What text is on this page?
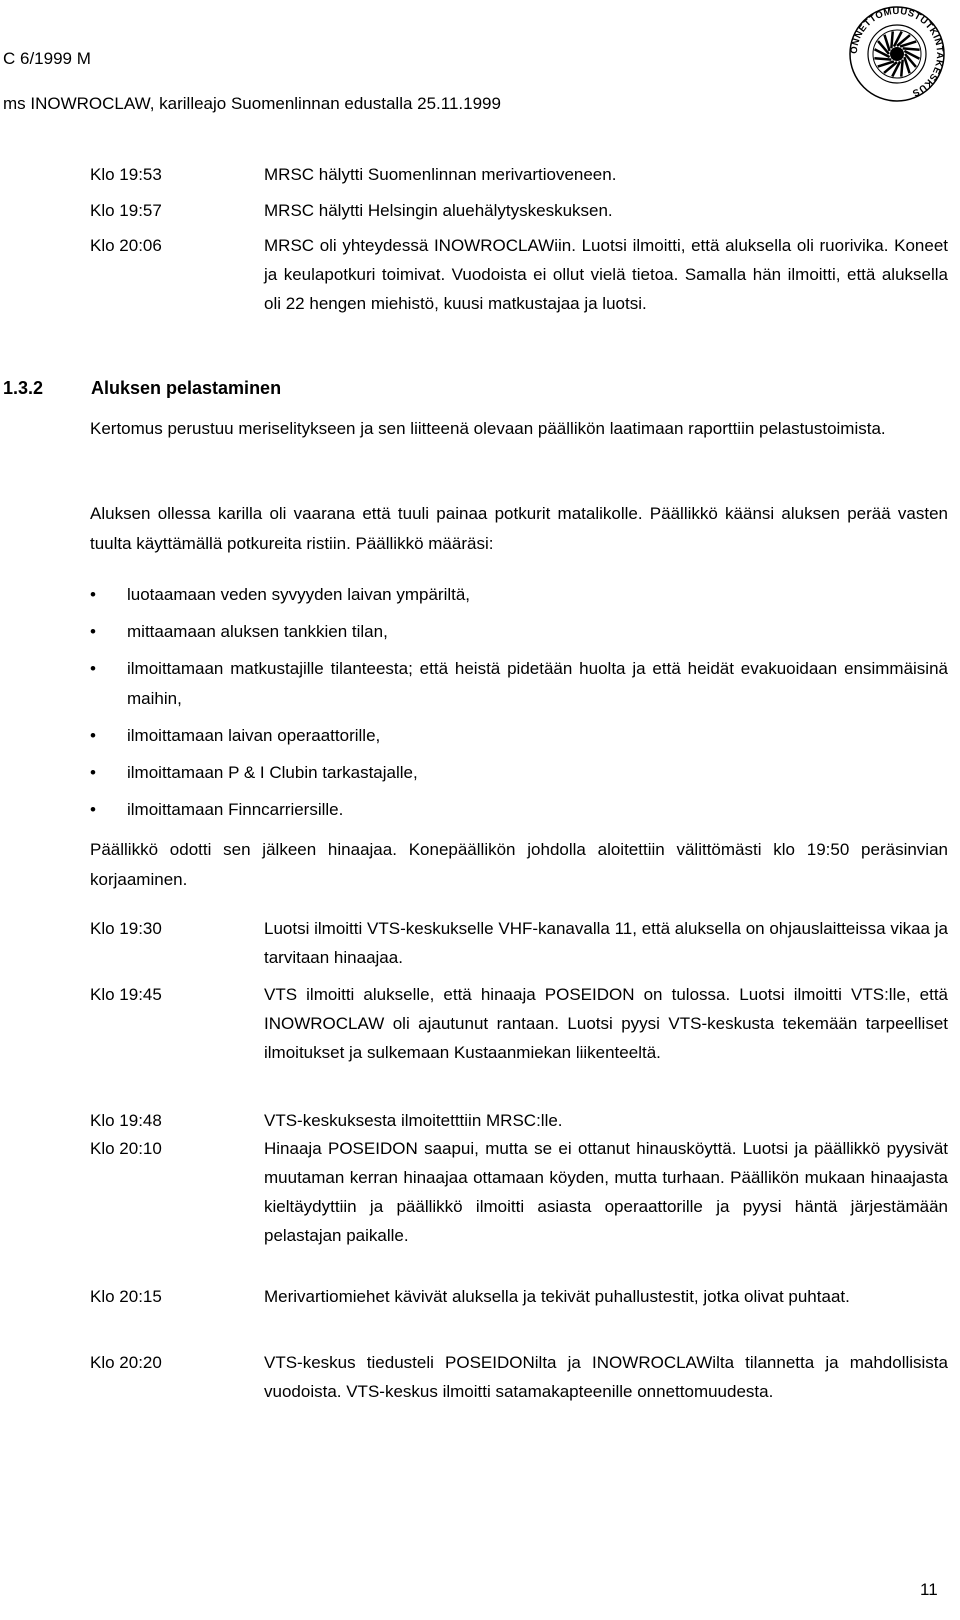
C 6/1999 M
ms INOWROCLAW, karilleajo Suomenlinnan edustalla 25.11.1999
ONNETTOMUUSTUTKINTAKESKUS
Klo 19:53	MRSC hälytti Suomenlinnan merivartioveneen.
Klo 19:57	MRSC hälytti Helsingin aluehälytyskeskuksen.
Klo 20:06	MRSC oli yhteydessä INOWROCLAWiin. Luotsi ilmoitti, että aluksella oli ruorivika. Koneet ja keulapotkuri toimivat. Vuodoista ei ollut vielä tietoa. Samalla hän ilmoitti, että aluksella oli 22 hengen miehistö, kuusi matkustajaa ja luotsi.
1.3.2	Aluksen pelastaminen
Kertomus perustuu meriselitykseen ja sen liitteenä olevaan päällikön laatimaan raporttiin pelastustoimista.
Aluksen ollessa karilla oli vaarana että tuuli painaa potkurit matalikolle. Päällikkö käänsi aluksen perää vasten tuulta käyttämällä potkureita ristiin. Päällikkö määräsi:
• luotaamaan veden syvyyden laivan ympäriltä,
• mittaamaan aluksen tankkien tilan,
• ilmoittamaan matkustajille tilanteesta; että heistä pidetään huolta ja että heidät evakuoidaan ensimmäisinä maihin,
• ilmoittamaan laivan operaattorille,
• ilmoittamaan P & I Clubin tarkastajalle,
• ilmoittamaan Finncarriersille.
Päällikkö odotti sen jälkeen hinaajaa. Konepäällikön johdolla aloitettiin välittömästi klo 19:50 peräsinvian korjaaminen.
Klo 19:30	Luotsi ilmoitti VTS-keskukselle VHF-kanavalla 11, että aluksella on ohjauslaitteissa vikaa ja tarvitaan hinaajaa.
Klo 19:45	VTS ilmoitti alukselle, että hinaaja POSEIDON on tulossa. Luotsi ilmoitti VTS:lle, että INOWROCLAW oli ajautunut rantaan. Luotsi pyysi VTS-keskusta tekemään tarpeelliset ilmoitukset ja sulkemaan Kustaanmiekan liikenteeltä.
Klo 19:48	VTS-keskuksesta ilmoitetttiin MRSC:lle.
Klo 20:10	Hinaaja POSEIDON saapui, mutta se ei ottanut hinausköyttä. Luotsi ja päällikkö pyysivät muutaman kerran hinaajaa ottamaan köyden, mutta turhaan. Päällikön mukaan hinaajasta kieltäydyttiin ja päällikkö ilmoitti asiasta operaattorille ja pyysi häntä järjestämään pelastajan paikalle.
Klo 20:15	Merivartiomiehet kävivät aluksella ja tekivät puhallustestit, jotka olivat puhtaat.
Klo 20:20	VTS-keskus tiedusteli POSEIDONilta ja INOWROCLAWilta tilannetta ja mahdollisista vuodoista. VTS-keskus ilmoitti satamakapteenille onnettomuudesta.
11
